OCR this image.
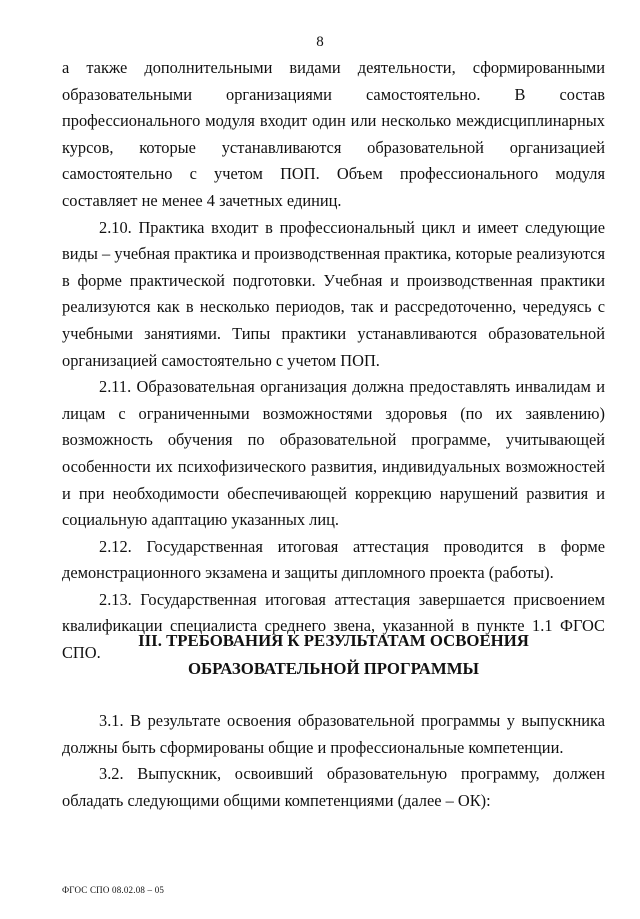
8

а также дополнительными видами деятельности, сформированными образовательными организациями самостоятельно. В состав профессионального модуля входит один или несколько междисциплинарных курсов, которые устанавливаются образовательной организацией самостоятельно с учетом ПОП. Объем профессионального модуля составляет не менее 4 зачетных единиц.

2.10. Практика входит в профессиональный цикл и имеет следующие виды – учебная практика и производственная практика, которые реализуются в форме практической подготовки. Учебная и производственная практики реализуются как в несколько периодов, так и рассредоточенно, чередуясь с учебными занятиями. Типы практики устанавливаются образовательной организацией самостоятельно с учетом ПОП.

2.11. Образовательная организация должна предоставлять инвалидам и лицам с ограниченными возможностями здоровья (по их заявлению) возможность обучения по образовательной программе, учитывающей особенности их психофизического развития, индивидуальных возможностей и при необходимости обеспечивающей коррекцию нарушений развития и социальную адаптацию указанных лиц.

2.12. Государственная итоговая аттестация проводится в форме демонстрационного экзамена и защиты дипломного проекта (работы).

2.13. Государственная итоговая аттестация завершается присвоением квалификации специалиста среднего звена, указанной в пункте 1.1 ФГОС СПО.

III. ТРЕБОВАНИЯ К РЕЗУЛЬТАТАМ ОСВОЕНИЯ ОБРАЗОВАТЕЛЬНОЙ ПРОГРАММЫ

3.1. В результате освоения образовательной программы у выпускника должны быть сформированы общие и профессиональные компетенции.

3.2. Выпускник, освоивший образовательную программу, должен обладать следующими общими компетенциями (далее – ОК):

ФГОС СПО 08.02.08 – 05
